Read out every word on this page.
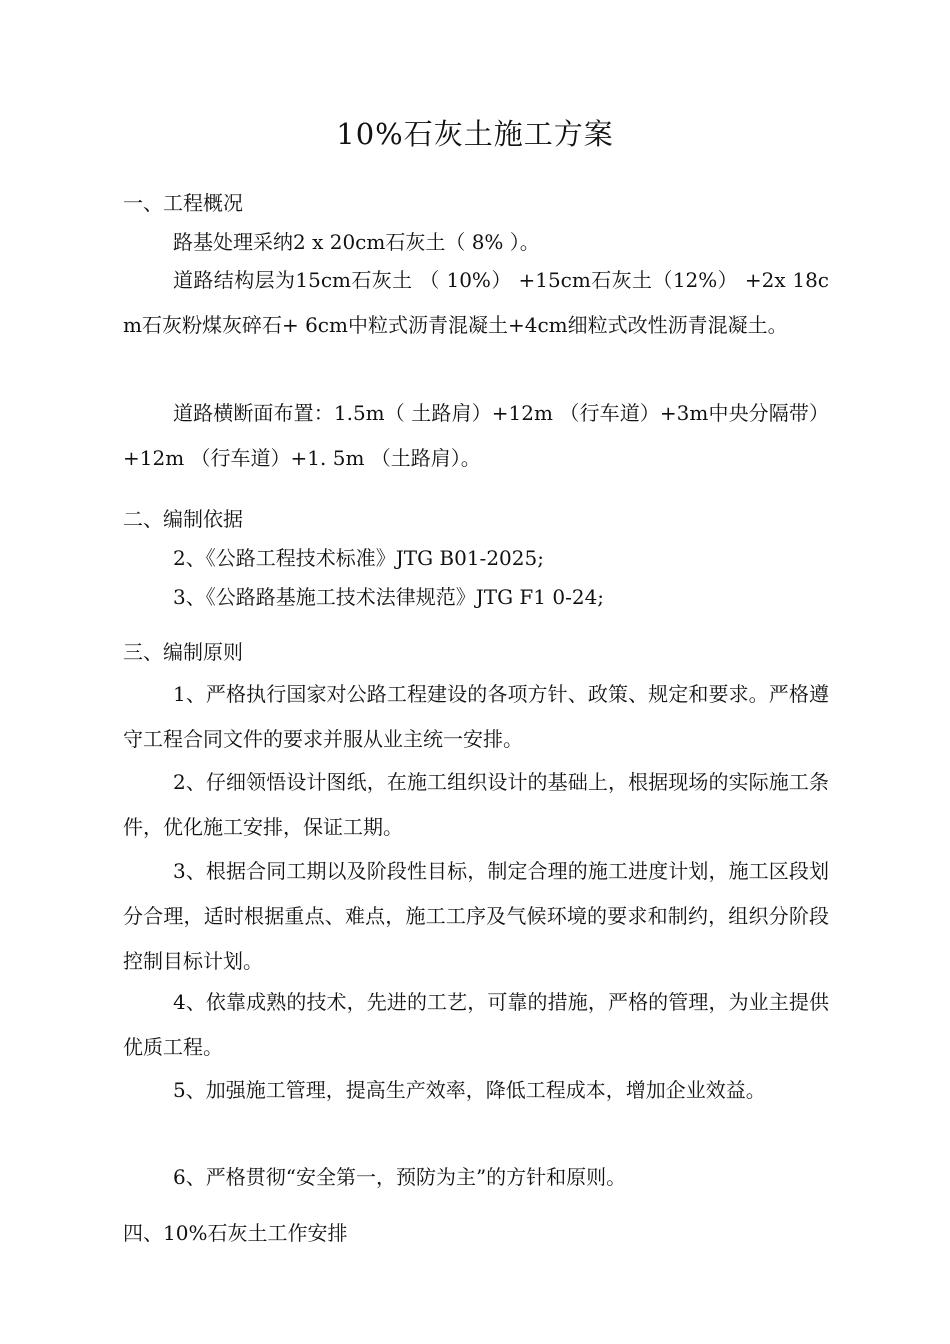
10%石灰土施工方案
一、工程概况
路基处理采纳2 x 20cm石灰土（ 8% ）。
道路结构层为15cm石灰土 （ 10%） +15cm石灰土（12%） +2x 18cm石灰粉煤灰碎石+ 6cm中粒式沥青混凝土+4cm细粒式改性沥青混凝土。
道路横断面布置：1.5m（ 土路肩）+12m （行车道）+3m中央分隔带）+12m （行车道）+1. 5m （土路肩）。
二、编制依据
2、《公路工程技术标准》JTG B01-2025;
3、《公路路基施工技术法律规范》JTG F1 0-24;
三、编制原则
1、严格执行国家对公路工程建设的各项方针、政策、规定和要求。严格遵守工程合同文件的要求并服从业主统一安排。
2、仔细领悟设计图纸，在施工组织设计的基础上，根据现场的实际施工条件，优化施工安排，保证工期。
3、根据合同工期以及阶段性目标，制定合理的施工进度计划，施工区段划分合理，适时根据重点、难点，施工工序及气候环境的要求和制约，组织分阶段控制目标计划。
4、依靠成熟的技术，先进的工艺，可靠的措施，严格的管理，为业主提供优质工程。
5、加强施工管理，提高生产效率，降低工程成本，增加企业效益。
6、严格贯彻“安全第一，预防为主”的方针和原则。
四、10%石灰土工作安排
